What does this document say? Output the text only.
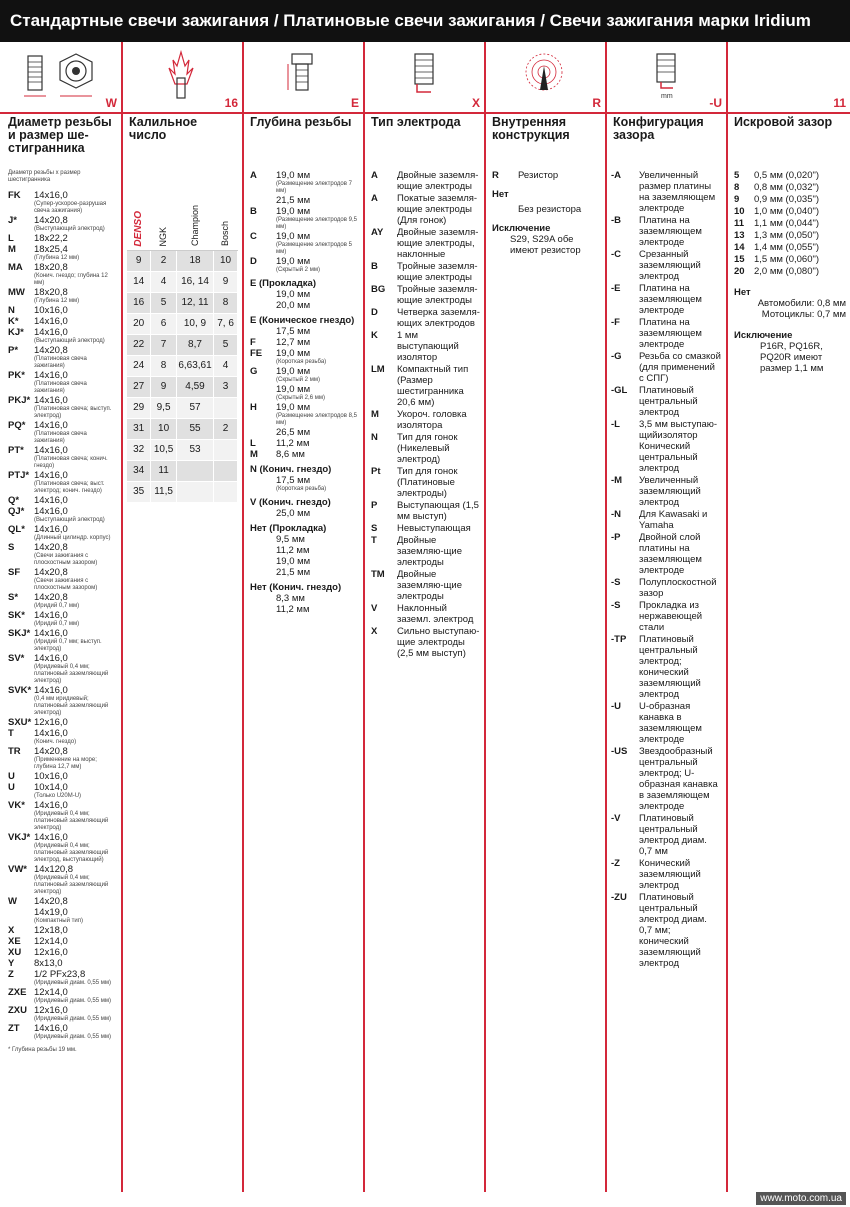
Стандартные свечи зажигания / Платиновые свечи зажигания / Свечи зажигания марки Iridium
W
Диаметр резьбы
и размер ше-
стигранника
Диаметр резьбы х размер шестигранника
FK	14x16,0
(Супер-ускорое-разрушая свеча зажигания)
J*	14x20,8
(Выступающий электрод)
L	18x22,2
M	18x25,4
(Глубина 12 мм)
MA	18x20,8
(Конич. гнездо; глубина 12 мм)
MW 18x20,8
(Глубина 12 мм)
N	10x16,0
K*	14x16,0
KJ*	14x16,0
(Выступающий электрод)
P*	14x20,8
(Платиновая свеча зажигания)
PK* 14x16,0
(Платиновая свеча зажигания)
PKJ* 14x16,0
(Платиновая свеча; выступ. электрод)
PQ* 14x16,0
(Платиновая свеча зажигания)
PT*	14x16,0
(Платиновая свеча; конич. гнездо)
PTJ* 14x16,0
(Платиновая свеча; выст. электрод; конич. гнездо)
Q*	14x16,0
QJ*	14x16,0
(Выступающий электрод)
QL* 14x16,0
(Длинный цилиндр. корпус)
S	14x20,8
(Свечи зажигания с плоскостным зазором)
SF	14x20,8
(Свечи зажигания с плоскостным зазором)
S*	14x20,8
(Иридий 0,7 мм)
SK* 14x16,0
(Иридий 0,7 мм)
SKJ* 14x16,0
(Иридий 0,7 мм; выступ. электрод)
SV*	14x16,0
(Иридиевый 0,4 мм; платиновый заземляющий электрод)
SVK* 14x16,0
(0,4 мм иридиевый; платиновый заземляющий электрод)
SXU* 12x16,0
T	14x16,0
(Конич. гнездо)
TR	14x20,8
(Применение на море; глубина 12,7 мм)
U	10x16,0
U	10x14,0
(Только U20M-U)
VK* 14x16,0
(Иридиевый 0,4 мм; платиновый заземляющий электрод)
VKJ* 14x16,0
(Иридиевый 0,4 мм; платиновый заземляющий электрод, выступающий)
VW* 14x120,8
(Иридиевый 0,4 мм; платиновый заземляющий электрод)
W	14x20,8
14x19,0
(Компактный тип)
X	12x18,0
XE	12x14,0
XU	12x16,0
Y	8x13,0
Z	1/2 PFx23,8
(Иридиевый диам. 0,55 мм)
ZXE 12x14,0
(Иридиевый диам. 0,55 мм)
ZXU 12x16,0
(Иридиевый диам. 0,55 мм)
ZT	14x16,0
(Иридиевый диам. 0,55 мм)
* Глубина резьбы 19 мм.
16
Калильное
число
DENSO	NGK	Champion	Bosch
9	2	18	10
14	4	16, 14	9
16	5	12, 11	8
20	6	10, 9	7, 6
22	7	8,7	5
24	8	6,63,61	4
27	9	4,59	3
29	9,5	57	
31	10	55	2
32	10,5	53	
34	11		
35	11,5		
E
Глубина резьбы
A	19,0 мм
(Размещение электродов 7 мм)
21,5 мм
B	19,0 мм
(Размещение электродов 9,5 мм)
C	19,0 мм
(Размещение электродов 5 мм)
D	19,0 мм
(Скрытый 2 мм)
E (Прокладка)
19,0 мм
20,0 мм
E (Коническое гнездо)
17,5 мм
F	12,7 мм
FE	19,0 мм
(Короткая резьба)
G	19,0 мм
(Скрытый 2 мм)
19,0 мм
(Скрытый 2,6 мм)
H	19,0 мм
(Размещение электродов 8,5 мм)
26,5 мм
L	11,2 мм
M	8,6 мм
N (Конич. гнездо)
17,5 мм
(Короткая резьба)
V (Конич. гнездо)
25,0 мм
Нет (Прокладка)
9,5 мм
11,2 мм
19,0 мм
21,5 мм
Нет (Конич. гнездо)
8,3 мм
11,2 мм
X
Тип электрода
A	Двойные заземля-ющие электроды
A	Покатые заземля-ющие электроды (Для гонок)
AY	Двойные заземля-ющие электроды, наклонные
B	Тройные заземля-ющие электроды
BG	Тройные заземля-ющие электроды
D	Четверка заземля-ющих электродов
K	1 мм выступающий изолятор
LM	Компактный тип (Размер шестигранника 20,6 мм)
M	Укороч. головка изолятора
N	Тип для гонок (Никелевый электрод)
Pt	Тип для гонок (Платиновые электроды)
P	Выступающая (1,5 мм выступ)
S	Невыступающая
T	Двойные заземляю-щие электроды
TM	Двойные заземляю-щие электроды
V	Наклонный заземл. электрод
X	Сильно выступаю-щие электроды (2,5 мм выступ)
R
Внутренняя
конструкция
R	Резистор
Нет
Без резистора
Исключение
S29, S29A обе имеют резистор
mm	-U
Конфигурация
зазора
-A	Увеличенный размер платины на заземляющем электроде
-B	Платина на заземляющем электроде
-C	Срезанный заземляющий электрод
-E	Платина на заземляющем электроде
-F	Платина на заземляющем электроде
-G	Резьба со смазкой (для применений с СПГ)
-GL	Платиновый центральный электрод
-L	3,5 мм выступаю-щийизолятор Конический центральный электрод
-M	Увеличенный заземляющий электрод
-N	Для Kawasaki и Yamaha
-P	Двойной слой платины на заземляющем электроде
-S	Полуплоскостной зазор
-S	Прокладка из нержавеющей стали
-TP	Платиновый центральный электрод; конический заземляющий электрод
-U	U-образная канавка в заземляющем электроде
-US	Звездообразный центральный электрод; U-образная канавка в заземляющем электроде
-V	Платиновый центральный электрод диам. 0,7 мм
-Z	Конический заземляющий электрод
-ZU	Платиновый центральный электрод диам. 0,7 мм; конический заземляющий электрод
11
Искровой зазор
5	0,5 мм (0,020")
8	0,8 мм (0,032")
9	0,9 мм (0,035")
10 1,0 мм (0,040")
11	1,1 мм (0,044")
13 1,3 мм (0,050")
14 1,4 мм (0,055")
15 1,5 мм (0,060")
20 2,0 мм (0,080")
Нет
Автомобили: 0,8 мм
Мотоциклы: 0,7 мм
Исключение
P16R, PQ16R, PQ20R имеют размер 1,1 мм
www.moto.com.ua
